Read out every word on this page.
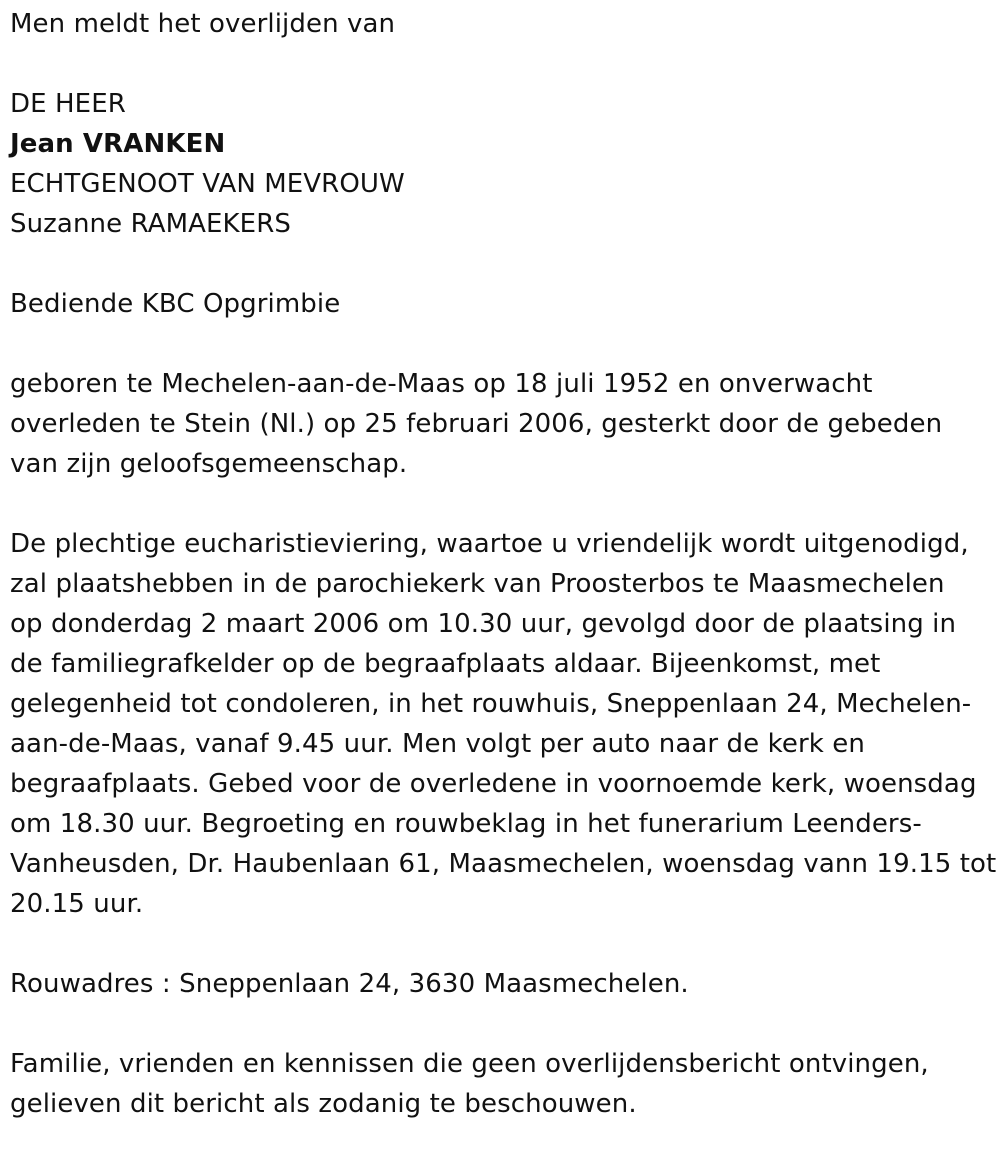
Men meldt het overlijden van
DE HEER
Jean VRANKEN
ECHTGENOOT VAN MEVROUW
Suzanne RAMAEKERS
Bediende KBC Opgrimbie
geboren te Mechelen-aan-de-Maas op 18 juli 1952 en onverwacht
overleden te Stein (Nl.) op 25 februari 2006, gesterkt door de gebeden
van zijn geloofsgemeenschap.
De plechtige eucharistieviering, waartoe u vriendelijk wordt uitgenodigd,
zal plaatshebben in de parochiekerk van Proosterbos te Maasmechelen
op donderdag 2 maart 2006 om 10.30 uur, gevolgd door de plaatsing in
de familiegrafkelder op de begraafplaats aldaar. Bijeenkomst, met
gelegenheid tot condoleren, in het rouwhuis, Sneppenlaan 24, Mechelen-
aan-de-Maas, vanaf 9.45 uur. Men volgt per auto naar de kerk en
begraafplaats. Gebed voor de overledene in voornoemde kerk, woensdag
om 18.30 uur. Begroeting en rouwbeklag in het funerarium Leenders-
Vanheusden, Dr. Haubenlaan 61, Maasmechelen, woensdag vann 19.15 tot
20.15 uur.
Rouwadres : Sneppenlaan 24, 3630 Maasmechelen.
Familie, vrienden en kennissen die geen overlijdensbericht ontvingen,
gelieven dit bericht als zodanig te beschouwen.
